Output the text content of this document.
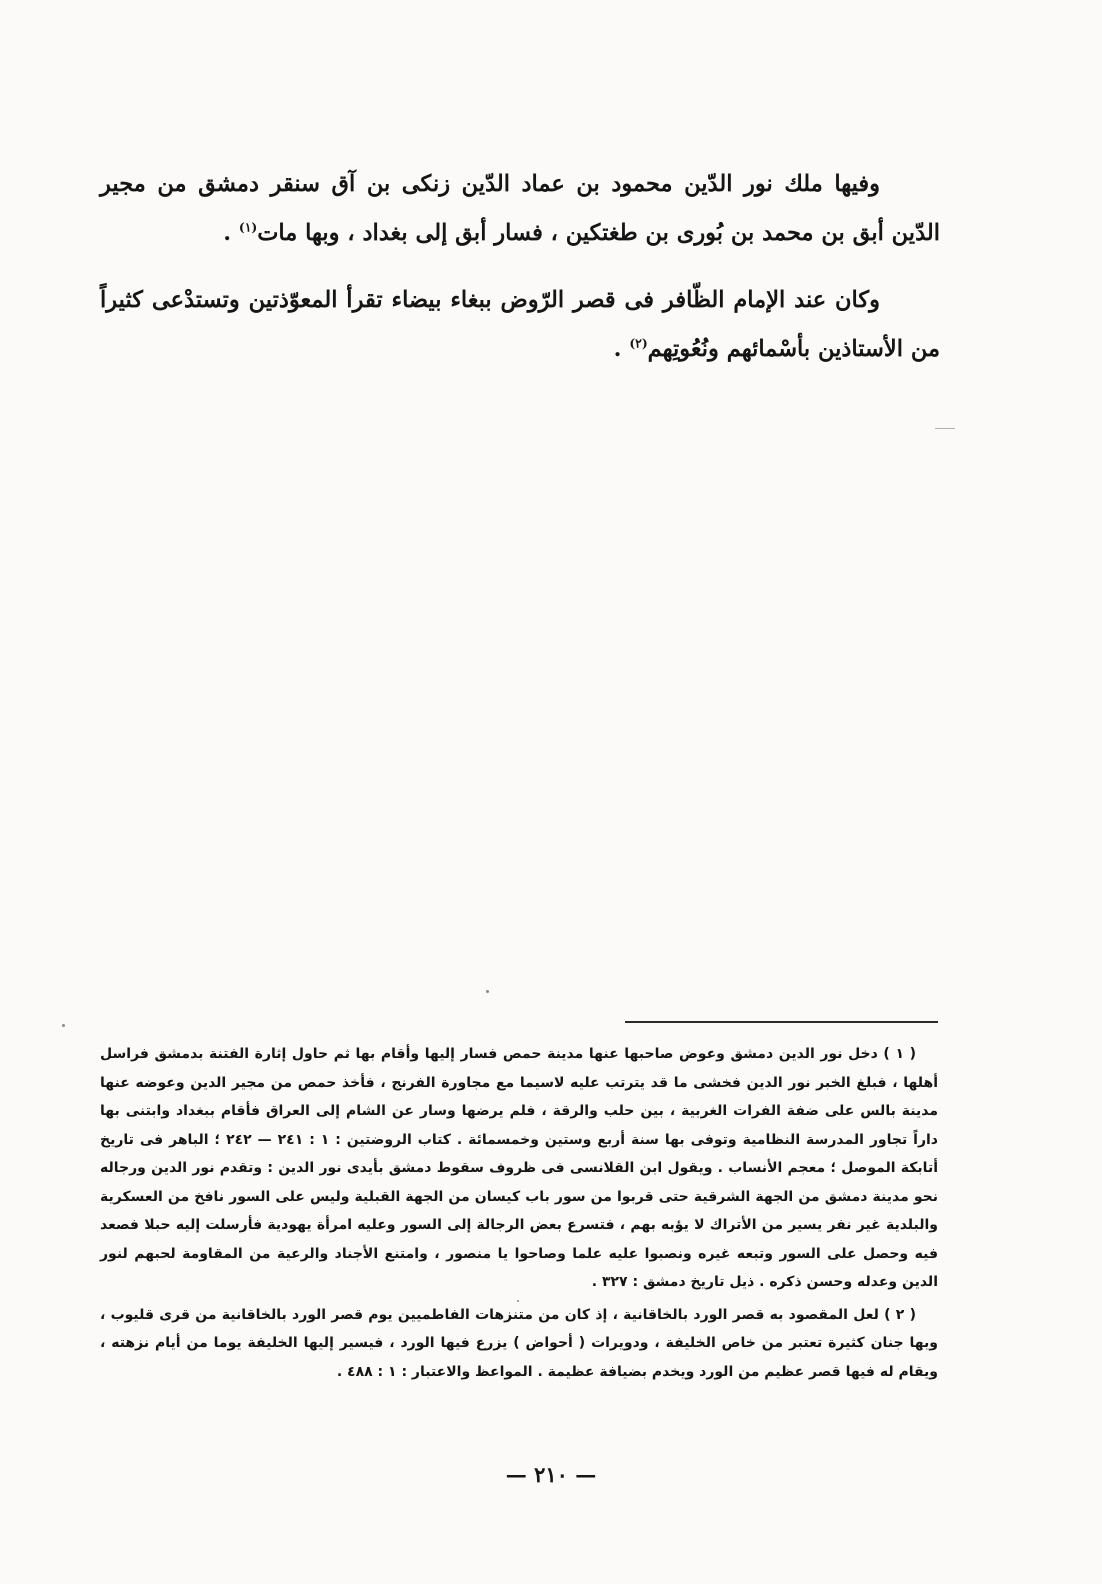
وفيها ملك نور الدّين محمود بن عماد الدّين زنكى بن آق سنقر دمشق من مجير الدّين أبق بن محمد بن بُورى بن طغتكين ، فسار أبق إلى بغداد ، وبها مات$^{(١)}$ .

وكان عند الإمام الظّافر فى قصر الرّوض ببغاء بيضاء تقرأ المعوّذتين وتستدْعى كثيراً من الأستاذين بأسْمائهم ونُعُوتِهم$^{(٢)}$ .

( ١ ) دخل نور الدين دمشق وعوض صاحبها عنها مدينة حمص فسار إليها وأقام بها ثم حاول إثارة الفتنة بدمشق فراسل أهلها ، فبلغ الخبر نور الدين فخشى ما قد يترتب عليه لاسيما مع مجاورة الفرنج ، فأخذ حمص من مجير الدين وعوضه عنها مدينة بالس على ضفة الفرات الغربية ، بين حلب والرقة ، فلم يرضها وسار عن الشام إلى العراق فأقام ببغداد وابتنى بها داراً تجاور المدرسة النظامية وتوفى بها سنة أربع وستين وخمسمائة . كتاب الروضتين : ١ : ٢٤١ — ٢٤٢ ؛ الباهر فى تاريخ أتابكة الموصل ؛ معجم الأنساب . ويقول ابن القلانسى فى ظروف سقوط دمشق بأيدى نور الدين : وتقدم نور الدين ورجاله نحو مدينة دمشق من الجهة الشرقية حتى قربوا من سور باب كيسان من الجهة القبلية وليس على السور نافخ من العسكرية والبلدية غير نفر يسير من الأتراك لا يؤبه بهم ، فتسرع بعض الرجالة إلى السور وعليه امرأة يهودية فأرسلت إليه حبلا فصعد فيه وحصل على السور وتبعه غيره ونصبوا عليه علما وصاحوا يا منصور ، وامتنع الأجناد والرعية من المقاومة لحبهم لنور الدين وعدله وحسن ذكره . ذيل تاريخ دمشق : ٣٢٧ .

( ٢ ) لعل المقصود به قصر الورد بالخاقانية ، إذ كان من متنزهات الفاطميين يوم قصر الورد بالخاقانية من قرى قليوب ، وبها جنان كثيرة تعتبر من خاص الخليفة ، ودويرات ( أحواض ) يزرع فيها الورد ، فيسير إليها الخليفة يوما من أيام نزهته ، ويقام له فيها قصر عظيم من الورد ويخدم بضيافة عظيمة . المواعظ والاعتبار : ١ : ٤٨٨ .

— ٢١٠ —
